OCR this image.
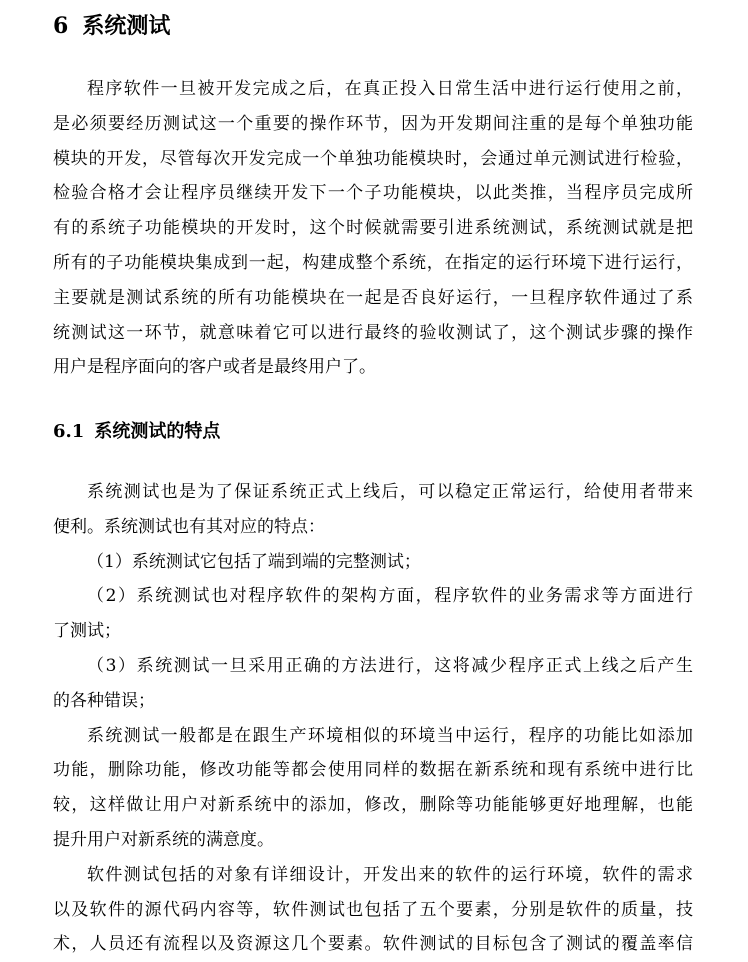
6 系统测试
程序软件一旦被开发完成之后，在真正投入日常生活中进行运行使用之前，
是必须要经历测试这一个重要的操作环节，因为开发期间注重的是每个单独功能
模块的开发，尽管每次开发完成一个单独功能模块时，会通过单元测试进行检验，
检验合格才会让程序员继续开发下一个子功能模块，以此类推，当程序员完成所
有的系统子功能模块的开发时，这个时候就需要引进系统测试，系统测试就是把
所有的子功能模块集成到一起，构建成整个系统，在指定的运行环境下进行运行，
主要就是测试系统的所有功能模块在一起是否良好运行，一旦程序软件通过了系
统测试这一环节，就意味着它可以进行最终的验收测试了，这个测试步骤的操作
用户是程序面向的客户或者是最终用户了。
6.1 系统测试的特点
系统测试也是为了保证系统正式上线后，可以稳定正常运行，给使用者带来
便利。系统测试也有其对应的特点：
（1）系统测试它包括了端到端的完整测试；
（2）系统测试也对程序软件的架构方面，程序软件的业务需求等方面进行
了测试；
（3）系统测试一旦采用正确的方法进行，这将减少程序正式上线之后产生
的各种错误；
系统测试一般都是在跟生产环境相似的环境当中运行，程序的功能比如添加
功能，删除功能，修改功能等都会使用同样的数据在新系统和现有系统中进行比
较，这样做让用户对新系统中的添加，修改，删除等功能能够更好地理解，也能
提升用户对新系统的满意度。
软件测试包括的对象有详细设计，开发出来的软件的运行环境，软件的需求
以及软件的源代码内容等，软件测试也包括了五个要素，分别是软件的质量，技
术，人员还有流程以及资源这几个要素。软件测试的目标包含了测试的覆盖率信
